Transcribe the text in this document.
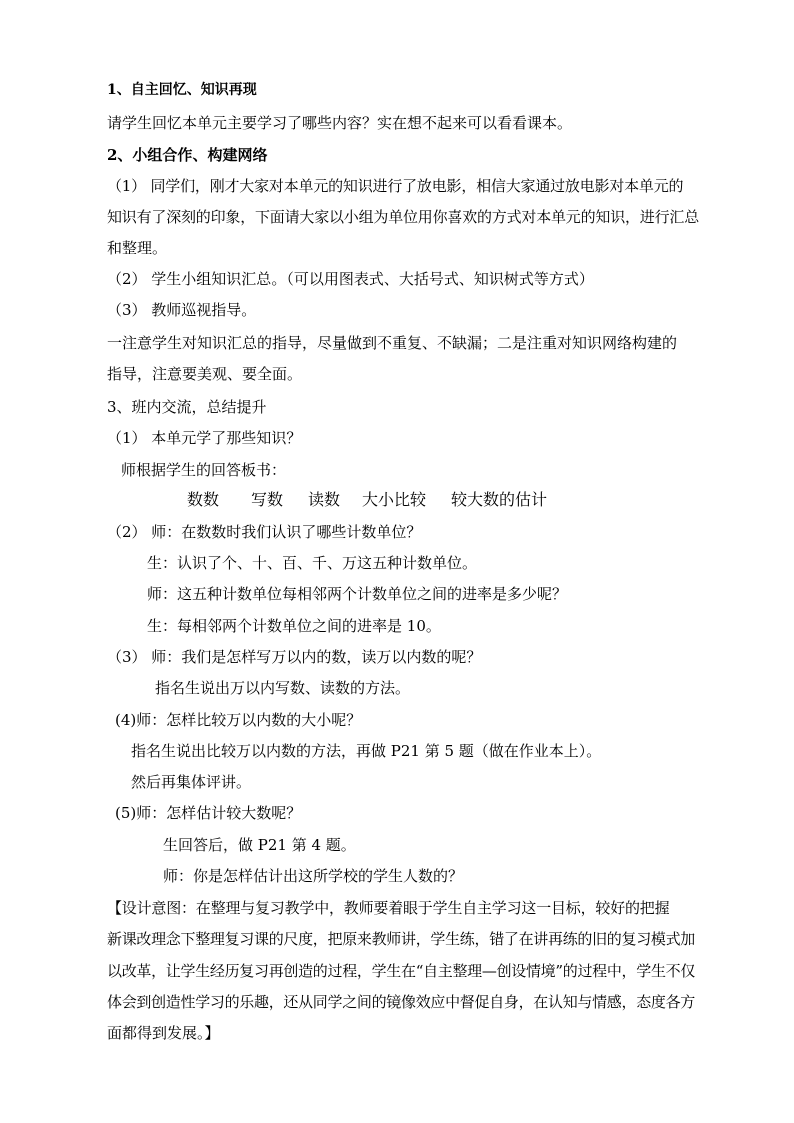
1、自主回忆、知识再现
请学生回忆本单元主要学习了哪些内容？实在想不起来可以看看课本。
2、小组合作、构建网络
（1） 同学们，刚才大家对本单元的知识进行了放电影，相信大家通过放电影对本单元的
知识有了深刻的印象，下面请大家以小组为单位用你喜欢的方式对本单元的知识，进行汇总
和整理。
（2） 学生小组知识汇总。（可以用图表式、大括号式、知识树式等方式）
（3） 教师巡视指导。
一注意学生对知识汇总的指导，尽量做到不重复、不缺漏；二是注重对知识网络构建的
指导，注意要美观、要全面。
3、班内交流，总结提升
（1） 本单元学了那些知识？
师根据学生的回答板书：
数数 写数 读数 大小比较 较大数的估计
（2） 师：在数数时我们认识了哪些计数单位？
生：认识了个、十、百、千、万这五种计数单位。
师：这五种计数单位每相邻两个计数单位之间的进率是多少呢？
生：每相邻两个计数单位之间的进率是 10。
（3） 师：我们是怎样写万以内的数，读万以内数的呢？
指名生说出万以内写数、读数的方法。
(4)师：怎样比较万以内数的大小呢？
指名生说出比较万以内数的方法，再做 P21 第 5 题（做在作业本上）。
然后再集体评讲。
(5)师：怎样估计较大数呢？
生回答后，做 P21 第 4 题。
师：你是怎样估计出这所学校的学生人数的？
【设计意图：在整理与复习教学中，教师要着眼于学生自主学习这一目标，较好的把握
新课改理念下整理复习课的尺度，把原来教师讲，学生练，错了在讲再练的旧的复习模式加
以改革，让学生经历复习再创造的过程，学生在“自主整理—创设情境”的过程中，学生不仅
体会到创造性学习的乐趣，还从同学之间的镜像效应中督促自身，在认知与情感，态度各方
面都得到发展。】
